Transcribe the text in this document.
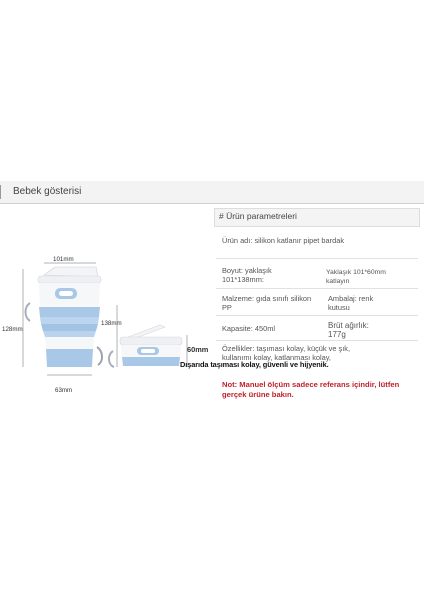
Bebek gösterisi
101mm
128mm
63mm
138mm
60mm
# Ürün parametreleri
Ürün adı: silikon katlanır pipet bardak
Boyut: yaklaşık 101*138mm:
Yaklaşık 101*60mm katlayın
Malzeme: gıda sınıfı silikon PP
Ambalaj: renk kutusu
Kapasite: 450ml	Brüt ağırlık: 177g
Özellikler: taşıması kolay, küçük ve şık, kullanımı kolay, katlanması kolay,
Dışarıda taşıması kolay, güvenli ve hijyenik.
Not: Manuel ölçüm sadece referans içindir, lütfen gerçek ürüne bakın.
